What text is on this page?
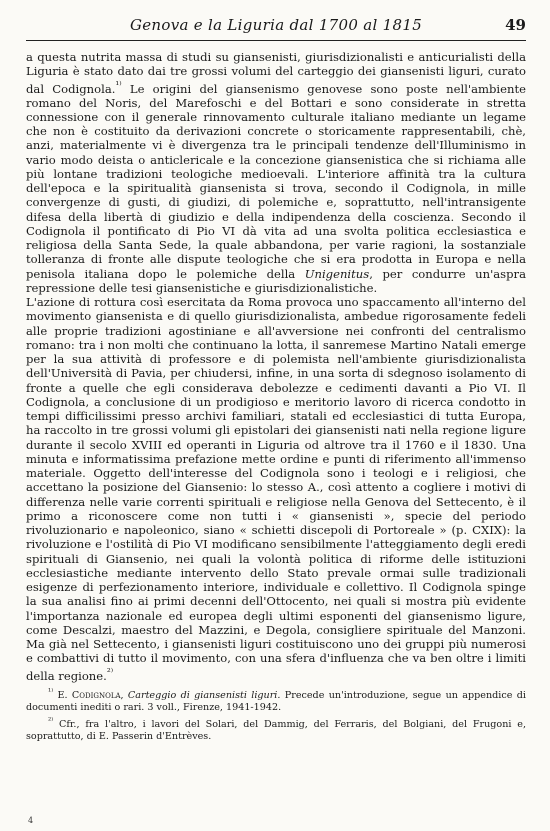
Genova e la Liguria dal 1700 al 1815	49

a questa nutrita massa di studi su giansenisti, giurisdizionalisti e anticurialisti della Liguria è stato dato dai tre grossi volumi del carteggio dei giansenisti liguri, curato dal Codignola.$^{^{1)}}$ Le origini del giansenismo genovese sono poste nell'ambiente romano del Noris, del Marefoschi e del Bottari e sono considerate in stretta connessione con il generale rinnovamento culturale italiano mediante un legame che non è costituito da derivazioni concrete o storicamente rappresentabili, chè, anzi, materialmente vi è divergenza tra le principali tendenze dell'Illuminismo in vario modo deista o anticlericale e la concezione giansenistica che si richiama alle più lontane tradizioni teologiche medioevali. L'interiore affinità tra la cultura dell'epoca e la spiritualità giansenista si trova, secondo il Codignola, in mille convergenze di gusti, di giudizi, di polemiche e, soprattutto, nell'intransigente difesa della libertà di giudizio e della indipendenza della coscienza. Secondo il Codignola il pontificato di Pio VI dà vita ad una svolta politica ecclesiastica e religiosa della Santa Sede, la quale abbandona, per varie ragioni, la sostanziale tolleranza di fronte alle dispute teologiche che si era prodotta in Europa e nella penisola italiana dopo le polemiche della Unigenitus, per condurre un'aspra repressione delle tesi giansenistiche e giurisdizionalistiche.

L'azione di rottura così esercitata da Roma provoca uno spaccamento all'interno del movimento giansenista e di quello giurisdizionalista, ambedue rigorosamente fedeli alle proprie tradizioni agostiniane e all'avversione nei confronti del centralismo romano: tra i non molti che continuano la lotta, il sanremese Martino Natali emerge per la sua attività di professore e di polemista nell'ambiente giurisdizionalista dell'Università di Pavia, per chiudersi, infine, in una sorta di sdegnoso isolamento di fronte a quelle che egli considerava debolezze e cedimenti davanti a Pio VI. Il Codignola, a conclusione di un prodigioso e meritorio lavoro di ricerca condotto in tempi difficilissimi presso archivi familiari, statali ed ecclesiastici di tutta Europa, ha raccolto in tre grossi volumi gli epistolari dei giansenisti nati nella regione ligure durante il secolo XVIII ed operanti in Liguria od altrove tra il 1760 e il 1830. Una minuta e informatissima prefazione mette ordine e punti di riferimento all'immenso materiale. Oggetto dell'interesse del Codignola sono i teologi e i religiosi, che accettano la posizione del Giansenio: lo stesso A., così attento a cogliere i motivi di differenza nelle varie correnti spirituali e religiose nella Genova del Settecento, è il primo a riconoscere come non tutti i « giansenisti », specie del periodo rivoluzionario e napoleonico, siano « schietti discepoli di Portoreale » (p. CXIX): la rivoluzione e l'ostilità di Pio VI modificano sensibilmente l'atteggiamento degli eredi spirituali di Giansenio, nei quali la volontà politica di riforme delle istituzioni ecclesiastiche mediante intervento dello Stato prevale ormai sulle tradizionali esigenze di perfezionamento interiore, individuale e collettivo. Il Codignola spinge la sua analisi fino ai primi decenni dell'Ottocento, nei quali si mostra più evidente l'importanza nazionale ed europea degli ultimi esponenti del giansenismo ligure, come Descalzi, maestro del Mazzini, e Degola, consigliere spirituale del Manzoni. Ma già nel Settecento, i giansenisti liguri costituiscono uno dei gruppi più numerosi e combattivi di tutto il movimento, con una sfera d'influenza che va ben oltre i limiti della regione.$^{^{2)}}$

$^{^{1)}}$ E. Codignola, Carteggio di giansenisti liguri. Precede un'introduzione, segue un appendice di documenti inediti o rari. 3 voll., Firenze, 1941-1942.

$^{^{2)}}$ Cfr., fra l'altro, i lavori del Solari, del Dammig, del Ferraris, del Bolgiani, del Frugoni e, soprattutto, di E. Passerin d'Entrèves.

4
